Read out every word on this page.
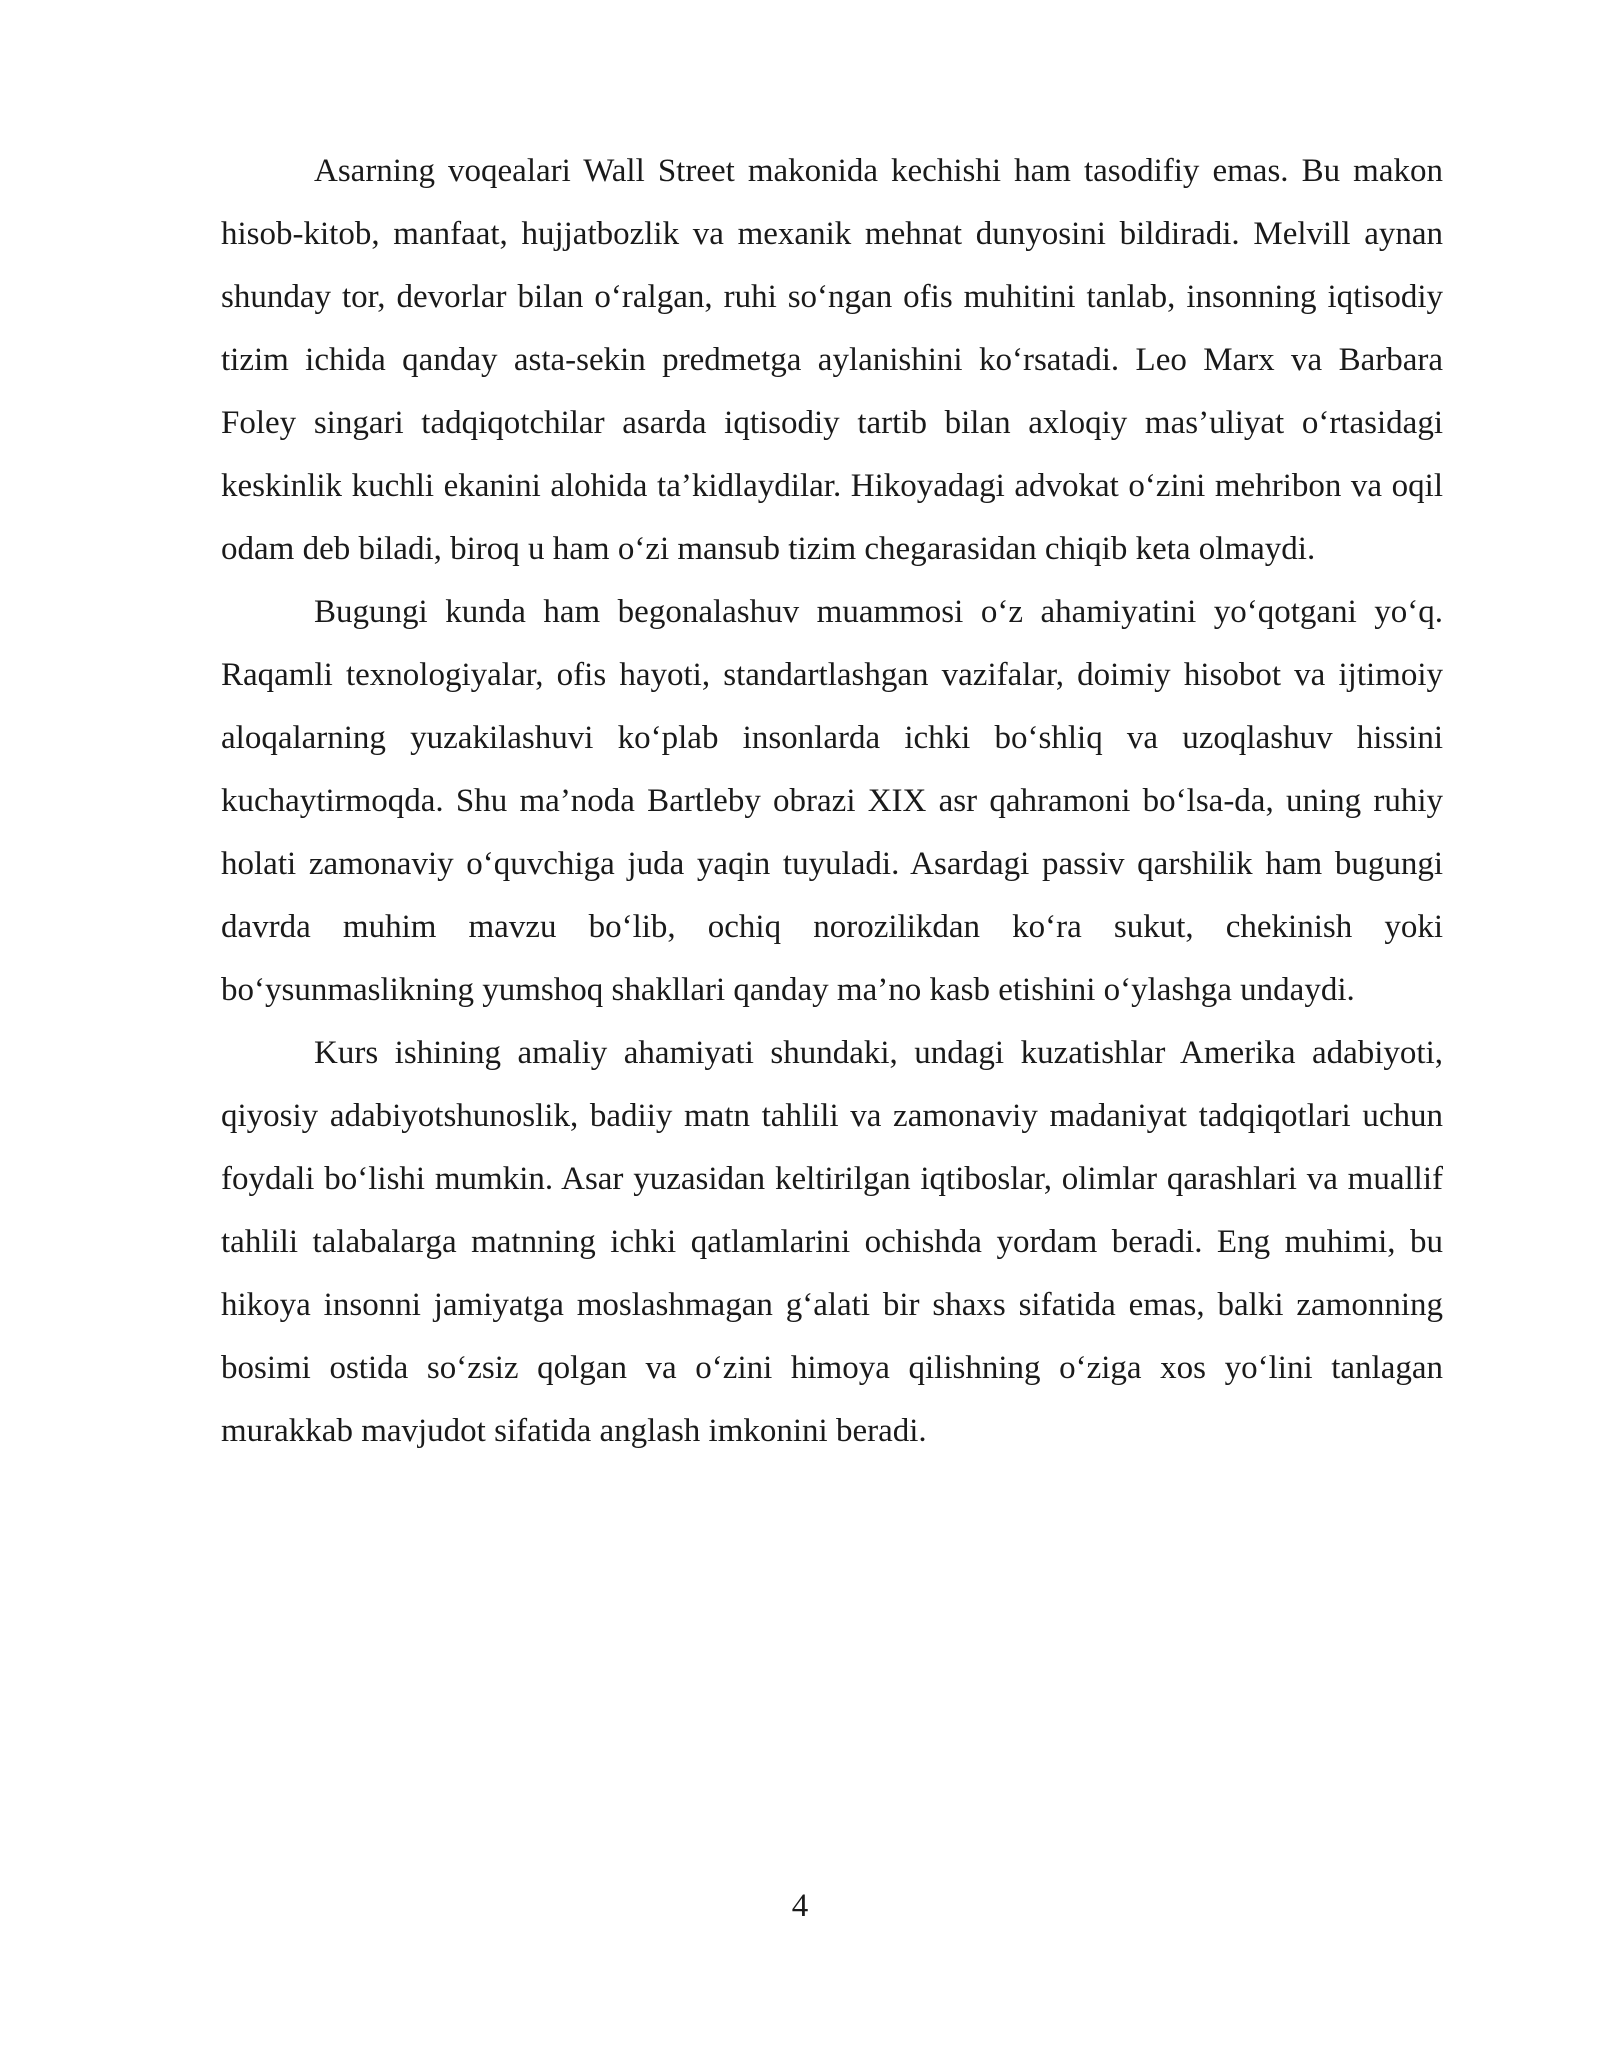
Asarning voqealari Wall Street makonida kechishi ham tasodifiy emas. Bu makon hisob-kitob, manfaat, hujjatbozlik va mexanik mehnat dunyosini bildiradi. Melvill aynan shunday tor, devorlar bilan o‘ralgan, ruhi so‘ngan ofis muhitini tanlab, insonning iqtisodiy tizim ichida qanday asta-sekin predmetga aylanishini ko‘rsatadi. Leo Marx va Barbara Foley singari tadqiqotchilar asarda iqtisodiy tartib bilan axloqiy mas’uliyat o‘rtasidagi keskinlik kuchli ekanini alohida ta’kidlaydilar. Hikoyadagi advokat o‘zini mehribon va oqil odam deb biladi, biroq u ham o‘zi mansub tizim chegarasidan chiqib keta olmaydi.

Bugungi kunda ham begonalashuv muammosi o‘z ahamiyatini yo‘qotgani yo‘q. Raqamli texnologiyalar, ofis hayoti, standartlashgan vazifalar, doimiy hisobot va ijtimoiy aloqalarning yuzakilashuvi ko‘plab insonlarda ichki bo‘shliq va uzoqlashuv hissini kuchaytirmoqda. Shu ma’noda Bartleby obrazi XIX asr qahramoni bo‘lsa-da, uning ruhiy holati zamonaviy o‘quvchiga juda yaqin tuyuladi. Asardagi passiv qarshilik ham bugungi davrda muhim mavzu bo‘lib, ochiq norozilikdan ko‘ra sukut, chekinish yoki bo‘ysunmaslikning yumshoq shakllari qanday ma’no kasb etishini o‘ylashga undaydi.

Kurs ishining amaliy ahamiyati shundaki, undagi kuzatishlar Amerika adabiyoti, qiyosiy adabiyotshunoslik, badiiy matn tahlili va zamonaviy madaniyat tadqiqotlari uchun foydali bo‘lishi mumkin. Asar yuzasidan keltirilgan iqtiboslar, olimlar qarashlari va muallif tahlili talabalarga matnning ichki qatlamlarini ochishda yordam beradi. Eng muhimi, bu hikoya insonni jamiyatga moslashmagan g‘alati bir shaxs sifatida emas, balki zamonning bosimi ostida so‘zsiz qolgan va o‘zini himoya qilishning o‘ziga xos yo‘lini tanlagan murakkab mavjudot sifatida anglash imkonini beradi.

4
